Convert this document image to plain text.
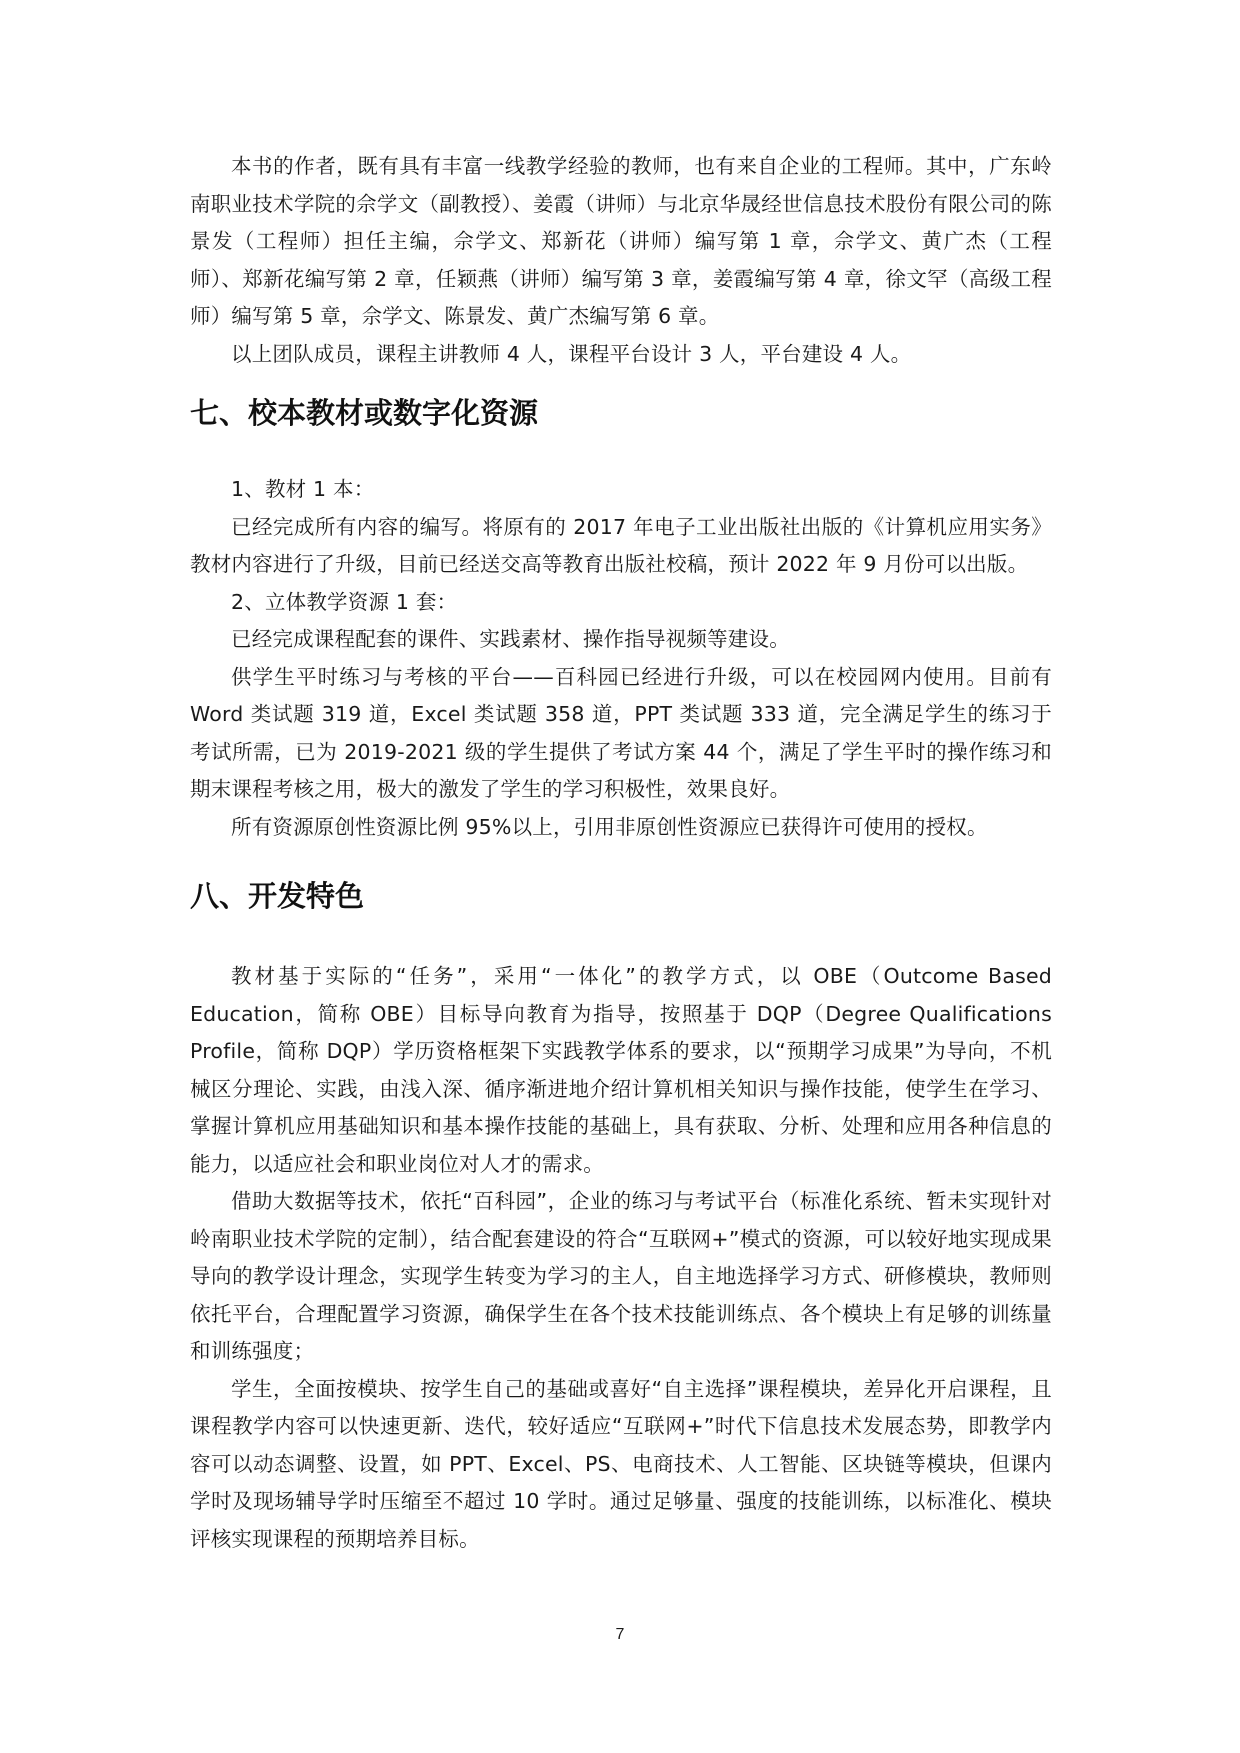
本书的作者，既有具有丰富一线教学经验的教师，也有来自企业的工程师。其中，广东岭南职业技术学院的佘学文（副教授）、姜霞（讲师）与北京华晟经世信息技术股份有限公司的陈景发（工程师）担任主编，佘学文、郑新花（讲师）编写第 1 章，佘学文、黄广杰（工程师）、郑新花编写第 2 章，任颖燕（讲师）编写第 3 章，姜霞编写第 4 章，徐文罕（高级工程师）编写第 5 章，佘学文、陈景发、黄广杰编写第 6 章。

以上团队成员，课程主讲教师 4 人，课程平台设计 3 人，平台建设 4 人。

七、校本教材或数字化资源

1、教材 1 本：

已经完成所有内容的编写。将原有的 2017 年电子工业出版社出版的《计算机应用实务》教材内容进行了升级，目前已经送交高等教育出版社校稿，预计 2022 年 9 月份可以出版。

2、立体教学资源 1 套：

已经完成课程配套的课件、实践素材、操作指导视频等建设。

供学生平时练习与考核的平台——百科园已经进行升级，可以在校园网内使用。目前有 Word 类试题 319 道，Excel 类试题 358 道，PPT 类试题 333 道，完全满足学生的练习于考试所需，已为 2019-2021 级的学生提供了考试方案 44 个，满足了学生平时的操作练习和期末课程考核之用，极大的激发了学生的学习积极性，效果良好。

所有资源原创性资源比例 95%以上，引用非原创性资源应已获得许可使用的授权。

八、开发特色

教材基于实际的“任务”，采用“一体化”的教学方式，以 OBE（Outcome Based Education，简称 OBE）目标导向教育为指导，按照基于 DQP（Degree Qualifications Profile，简称 DQP）学历资格框架下实践教学体系的要求，以“预期学习成果”为导向，不机械区分理论、实践，由浅入深、循序渐进地介绍计算机相关知识与操作技能，使学生在学习、掌握计算机应用基础知识和基本操作技能的基础上，具有获取、分析、处理和应用各种信息的能力，以适应社会和职业岗位对人才的需求。

借助大数据等技术，依托“百科园”，企业的练习与考试平台（标准化系统、暂未实现针对岭南职业技术学院的定制），结合配套建设的符合“互联网+”模式的资源，可以较好地实现成果导向的教学设计理念，实现学生转变为学习的主人，自主地选择学习方式、研修模块，教师则依托平台，合理配置学习资源，确保学生在各个技术技能训练点、各个模块上有足够的训练量和训练强度；

学生，全面按模块、按学生自己的基础或喜好“自主选择”课程模块，差异化开启课程，且课程教学内容可以快速更新、迭代，较好适应“互联网+”时代下信息技术发展态势，即教学内容可以动态调整、设置，如 PPT、Excel、PS、电商技术、人工智能、区块链等模块，但课内学时及现场辅导学时压缩至不超过 10 学时。通过足够量、强度的技能训练，以标准化、模块评核实现课程的预期培养目标。

7
